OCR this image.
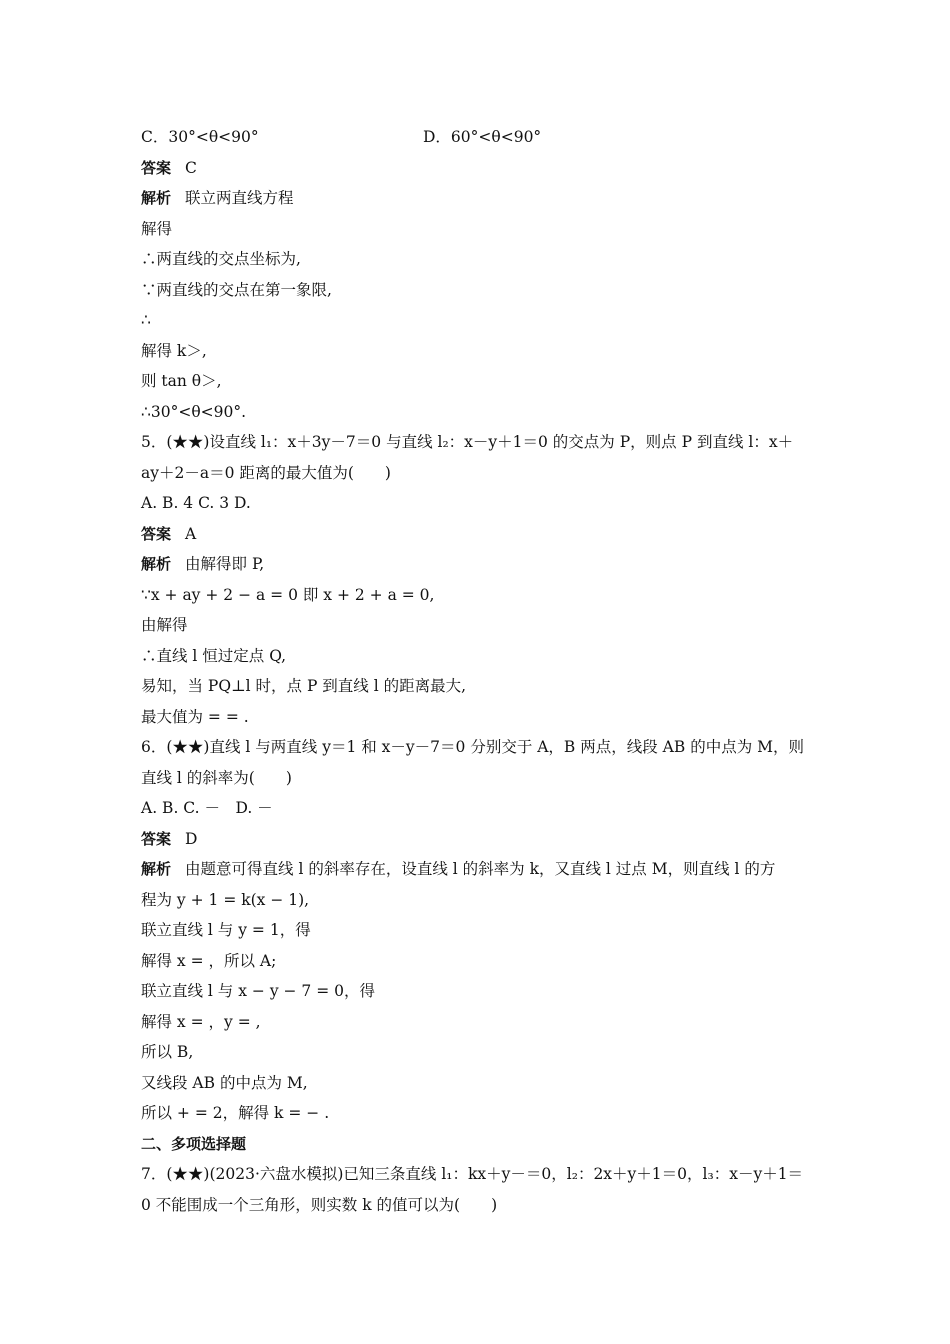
C．30°<θ<90°	D．60°<θ<90°
答案 C
解析 联立两直线方程
解得
∴两直线的交点坐标为,
∵两直线的交点在第一象限,
∴
解得 k＞,
则 tan θ＞,
∴30°<θ<90°.
5．(★★)设直线 l₁：x＋3y－7＝0 与直线 l₂：x－y＋1＝0 的交点为 P，则点 P 到直线 l：x＋
ay＋2－a＝0 距离的最大值为(　　)
A. B. 4 C. 3 D.
答案 A
解析 由解得即 P,
∵x + ay + 2 − a = 0 即 x + 2 + a = 0,
由解得
∴直线 l 恒过定点 Q,
易知，当 PQ⊥l 时，点 P 到直线 l 的距离最大,
最大值为 = = .
6．(★★)直线 l 与两直线 y＝1 和 x－y－7＝0 分别交于 A，B 两点，线段 AB 的中点为 M，则
直线 l 的斜率为(　　)
A. B. C. －　D. －
答案 D
解析 由题意可得直线 l 的斜率存在，设直线 l 的斜率为 k，又直线 l 过点 M，则直线 l 的方
程为 y + 1 = k(x − 1),
联立直线 l 与 y = 1，得
解得 x = ，所以 A;
联立直线 l 与 x − y − 7 = 0，得
解得 x = ，y = ,
所以 B,
又线段 AB 的中点为 M,
所以 + = 2，解得 k = − .
二、多项选择题
7．(★★)(2023·六盘水模拟)已知三条直线 l₁：kx＋y－＝0，l₂：2x＋y＋1＝0，l₃：x－y＋1＝
0 不能围成一个三角形，则实数 k 的值可以为(　　)
